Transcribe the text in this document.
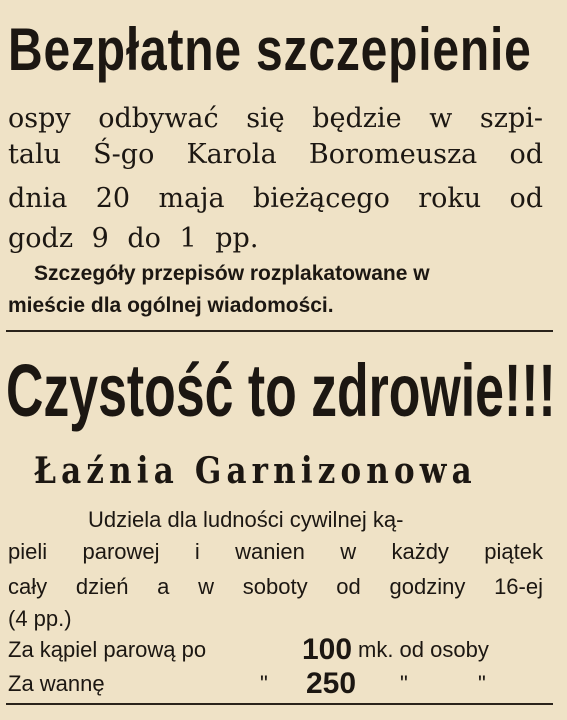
Bezpłatne szczepienie
ospy odbywać się będzie w szpi-
talu Ś-go Karola Boromeusza od
dnia 20 maja bieżącego roku od
godz 9 do 1 pp.
Szczegóły przepisów rozplakatowane w
mieście dla ogólnej wiadomości.
Czystość to zdrowie!!!
Łaźnia Garnizonowa
Udziela dla ludności cywilnej ką-
pieli parowej i wanien w każdy piątek
cały dzień a w soboty od godziny 16-ej
(4 pp.)
Za kąpiel parową po	100 mk. od osoby
Za wannę	" 250 "	"
